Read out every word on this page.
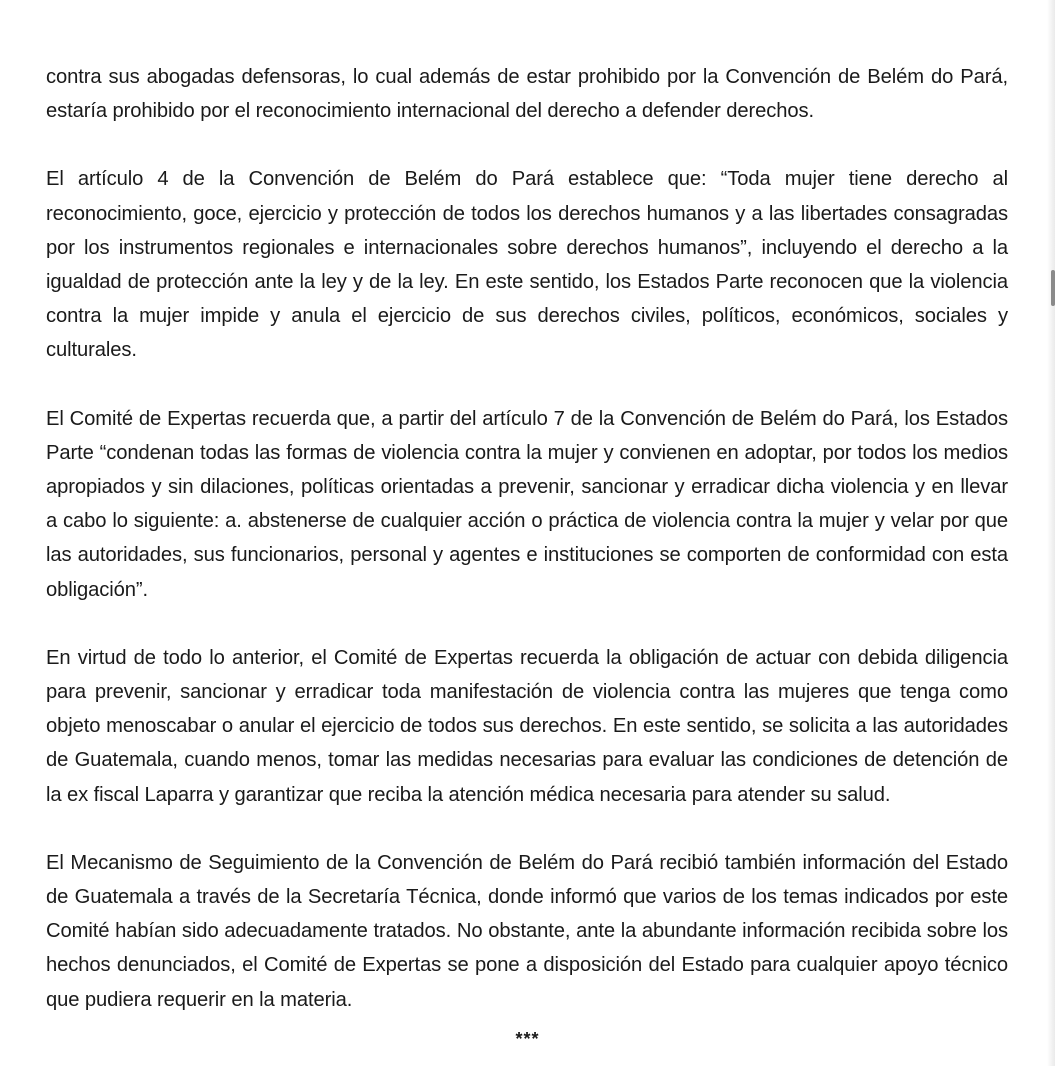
contra sus abogadas defensoras, lo cual además de estar prohibido por la Convención de Belém do Pará, estaría prohibido por el reconocimiento internacional del derecho a defender derechos.

El artículo 4 de la Convención de Belém do Pará establece que: “Toda mujer tiene derecho al reconocimiento, goce, ejercicio y protección de todos los derechos humanos y a las libertades consagradas por los instrumentos regionales e internacionales sobre derechos humanos”, incluyendo el derecho a la igualdad de protección ante la ley y de la ley. En este sentido, los Estados Parte reconocen que la violencia contra la mujer impide y anula el ejercicio de sus derechos civiles, políticos, económicos, sociales y culturales.

El Comité de Expertas recuerda que, a partir del artículo 7 de la Convención de Belém do Pará, los Estados Parte “condenan todas las formas de violencia contra la mujer y convienen en adoptar, por todos los medios apropiados y sin dilaciones, políticas orientadas a prevenir, sancionar y erradicar dicha violencia y en llevar a cabo lo siguiente: a. abstenerse de cualquier acción o práctica de violencia contra la mujer y velar por que las autoridades, sus funcionarios, personal y agentes e instituciones se comporten de conformidad con esta obligación”.

En virtud de todo lo anterior, el Comité de Expertas recuerda la obligación de actuar con debida diligencia para prevenir, sancionar y erradicar toda manifestación de violencia contra las mujeres que tenga como objeto menoscabar o anular el ejercicio de todos sus derechos. En este sentido, se solicita a las autoridades de Guatemala, cuando menos, tomar las medidas necesarias para evaluar las condiciones de detención de la ex fiscal Laparra y garantizar que reciba la atención médica necesaria para atender su salud.

El Mecanismo de Seguimiento de la Convención de Belém do Pará recibió también información del Estado de Guatemala a través de la Secretaría Técnica, donde informó que varios de los temas indicados por este Comité habían sido adecuadamente tratados. No obstante, ante la abundante información recibida sobre los hechos denunciados, el Comité de Expertas se pone a disposición del Estado para cualquier apoyo técnico que pudiera requerir en la materia.

***
